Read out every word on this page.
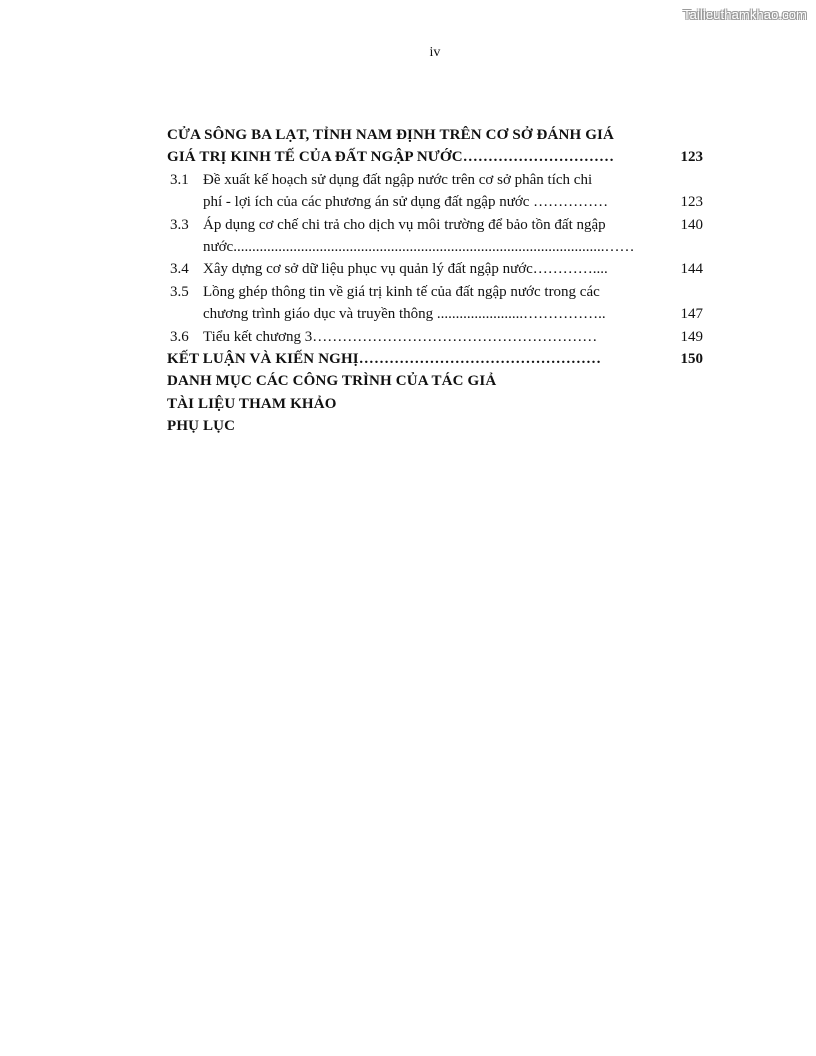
Tailieuthamkhao.com
iv
CỬA SÔNG BA LẠT, TỈNH NAM ĐỊNH TRÊN CƠ SỞ ĐÁNH GIÁ
GIÁ TRỊ KINH TẾ CỦA ĐẤT NGẬP NƯỚC…………………………	123
3.1 Đề xuất kế hoạch sử dụng đất ngập nước trên cơ sở phân tích chi
phí - lợi ích của các phương án sử dụng đất ngập nước ……………	123
3.3 Áp dụng cơ chế chi trả cho dịch vụ môi trường để bảo tồn đất ngập	140
nước...................................................................................................……
3.4 Xây dựng cơ sở dữ liệu phục vụ quản lý đất ngập nước…………....	144
3.5 Lồng ghép thông tin về giá trị kinh tế của đất ngập nước trong các
chương trình giáo dục và truyền thông .......................……………..	147
3.6 Tiểu kết chương 3…………………………………………………	149
KẾT LUẬN VÀ KIẾN NGHỊ…………………………………………	150
DANH MỤC CÁC CÔNG TRÌNH CỦA TÁC GIẢ
TÀI LIỆU THAM KHẢO
PHỤ LỤC
